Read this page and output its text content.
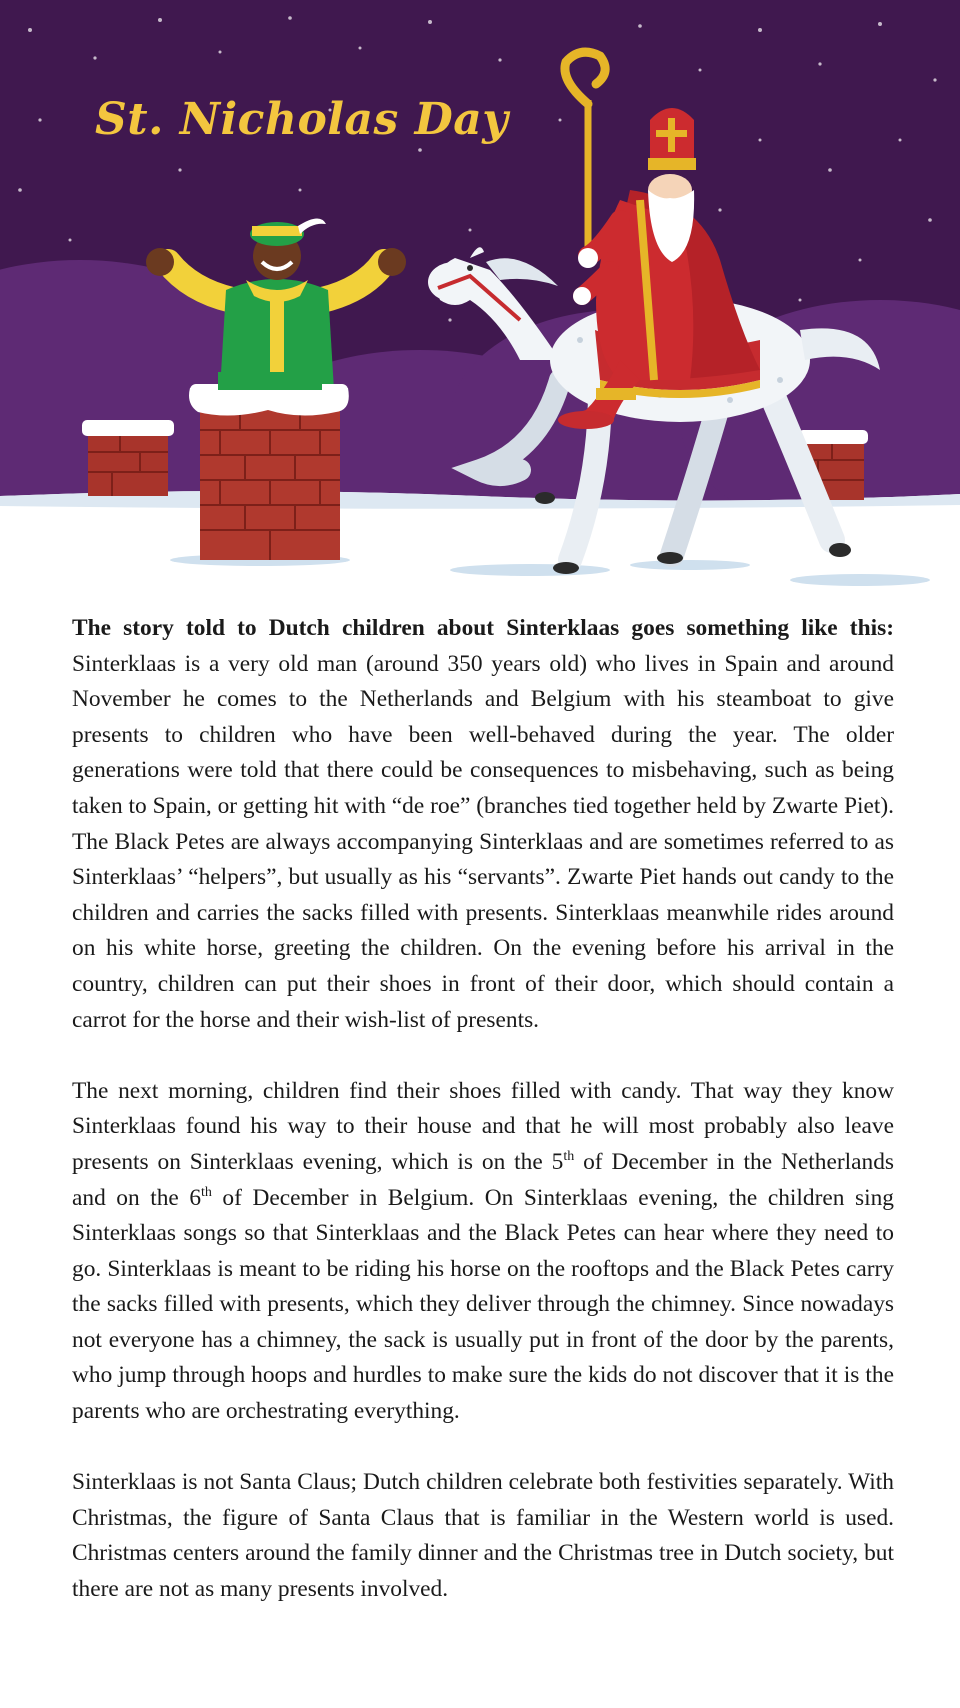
St. Nicholas Day

The story told to Dutch children about Sinterklaas goes something like this: Sinterklaas is a very old man (around 350 years old) who lives in Spain and around November he comes to the Netherlands and Belgium with his steamboat to give presents to children who have been well-behaved during the year. The older generations were told that there could be consequences to misbehaving, such as being taken to Spain, or getting hit with “de roe” (branches tied together held by Zwarte Piet). The Black Petes are always accompanying Sinterklaas and are sometimes referred to as Sinterklaas’ “helpers”, but usually as his “servants”. Zwarte Piet hands out candy to the children and carries the sacks filled with presents. Sinterklaas meanwhile rides around on his white horse, greeting the children. On the evening before his arrival in the country, children can put their shoes in front of their door, which should contain a carrot for the horse and their wish-list of presents.

The next morning, children find their shoes filled with candy. That way they know Sinterklaas found his way to their house and that he will most probably also leave presents on Sinterklaas evening, which is on the 5th of December in the Netherlands and on the 6th of December in Belgium. On Sinterklaas evening, the children sing Sinterklaas songs so that Sinterklaas and the Black Petes can hear where they need to go. Sinterklaas is meant to be riding his horse on the rooftops and the Black Petes carry the sacks filled with presents, which they deliver through the chimney. Since nowadays not everyone has a chimney, the sack is usually put in front of the door by the parents, who jump through hoops and hurdles to make sure the kids do not discover that it is the parents who are orchestrating everything.

Sinterklaas is not Santa Claus; Dutch children celebrate both festivities separately. With Christmas, the figure of Santa Claus that is familiar in the Western world is used. Christmas centers around the family dinner and the Christmas tree in Dutch society, but there are not as many presents involved.
